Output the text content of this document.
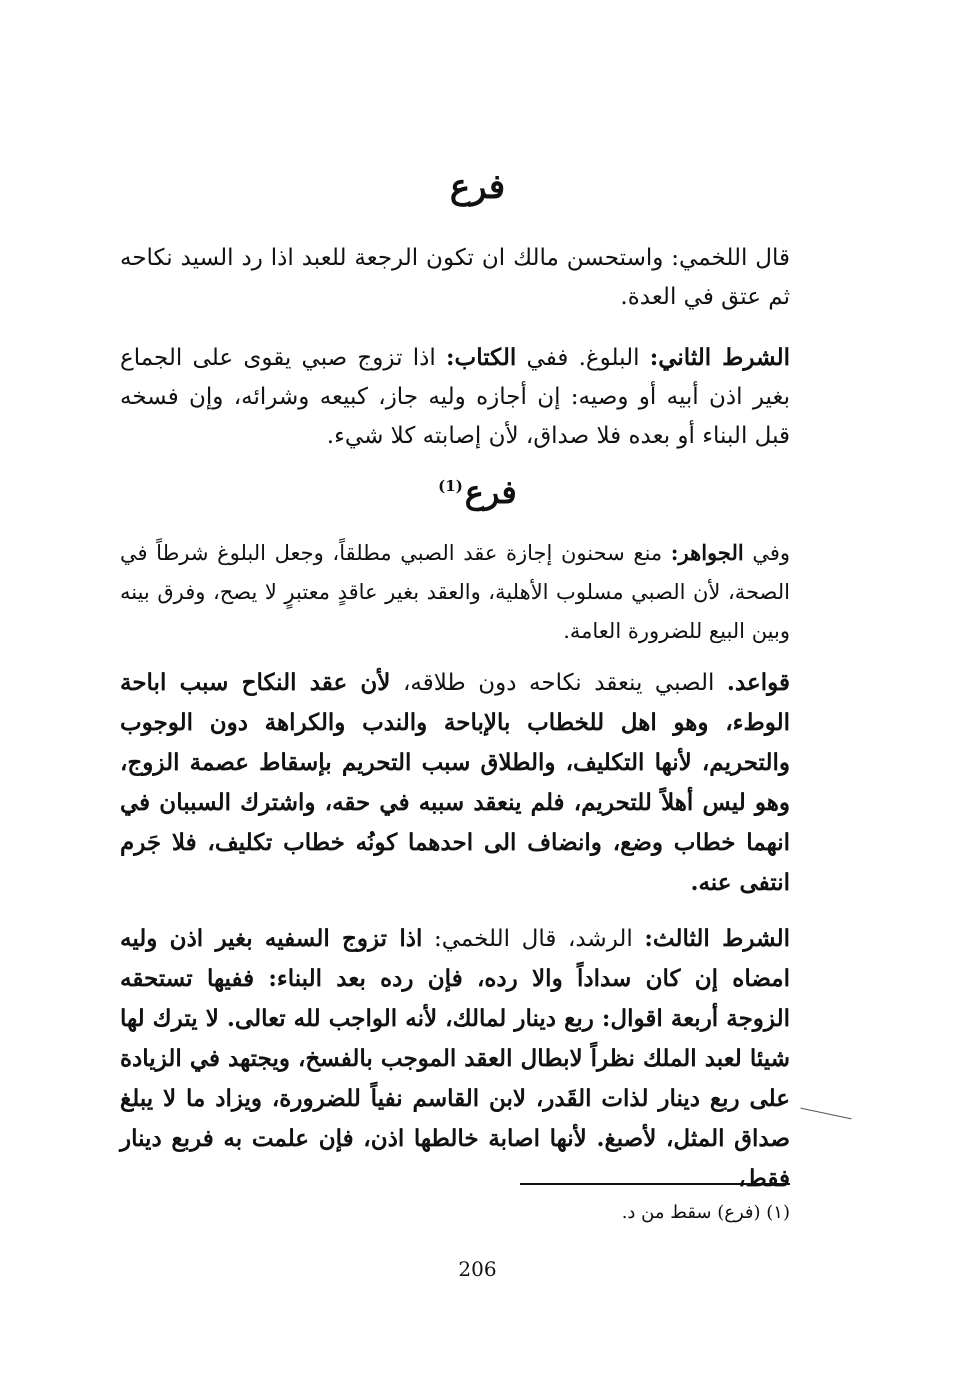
فرع

قال اللخمي: واستحسن مالك ان تكون الرجعة للعبد اذا رد السيد نكاحه ثم عتق في العدة.

الشرط الثاني: البلوغ. ففي الكتاب: اذا تزوج صبي يقوى على الجماع بغير اذن أبيه أو وصيه: إن أجازه وليه جاز، كبيعه وشرائه، وإن فسخه قبل البناء أو بعده فلا صداق، لأن إصابته كلا شيء.

فرع$^{(1)}$

وفي الجواهر: منع سحنون إجازة عقد الصبي مطلقاً، وجعل البلوغ شرطاً في الصحة، لأن الصبي مسلوب الأهلية، والعقد بغير عاقدٍ معتبرٍ لا يصح، وفرق بينه وبين البيع للضرورة العامة.

قواعد. الصبي ينعقد نكاحه دون طلاقه، لأن عقد النكاح سبب اباحة الوطء، وهو اهل للخطاب بالإباحة والندب والكراهة دون الوجوب والتحريم، لأنها التكليف، والطلاق سبب التحريم بإسقاط عصمة الزوج، وهو ليس أهلاً للتحريم، فلم ينعقد سببه في حقه، واشترك السببان في انهما خطاب وضع، وانضاف الى احدهما كونُه خطاب تكليف، فلا جَرم انتفى عنه.

الشرط الثالث: الرشد، قال اللخمي: اذا تزوج السفيه بغير اذن وليه امضاه إن كان سداداً والا رده، فإن رده بعد البناء: ففيها تستحقه الزوجة أربعة اقوال: ربع دينار لمالك، لأنه الواجب لله تعالى. لا يترك لها شيئا لعبد الملك نظراً لابطال العقد الموجب بالفسخ، ويجتهد في الزيادة على ربع دينار لذات القَدر، لابن القاسم نفياً للضرورة، ويزاد ما لا يبلغ صداق المثل، لأصبغ. لأنها اصابة خالطها اذن، فإن علمت به فربع دينار فقط،

(١) (فرع) سقط من د.

206
